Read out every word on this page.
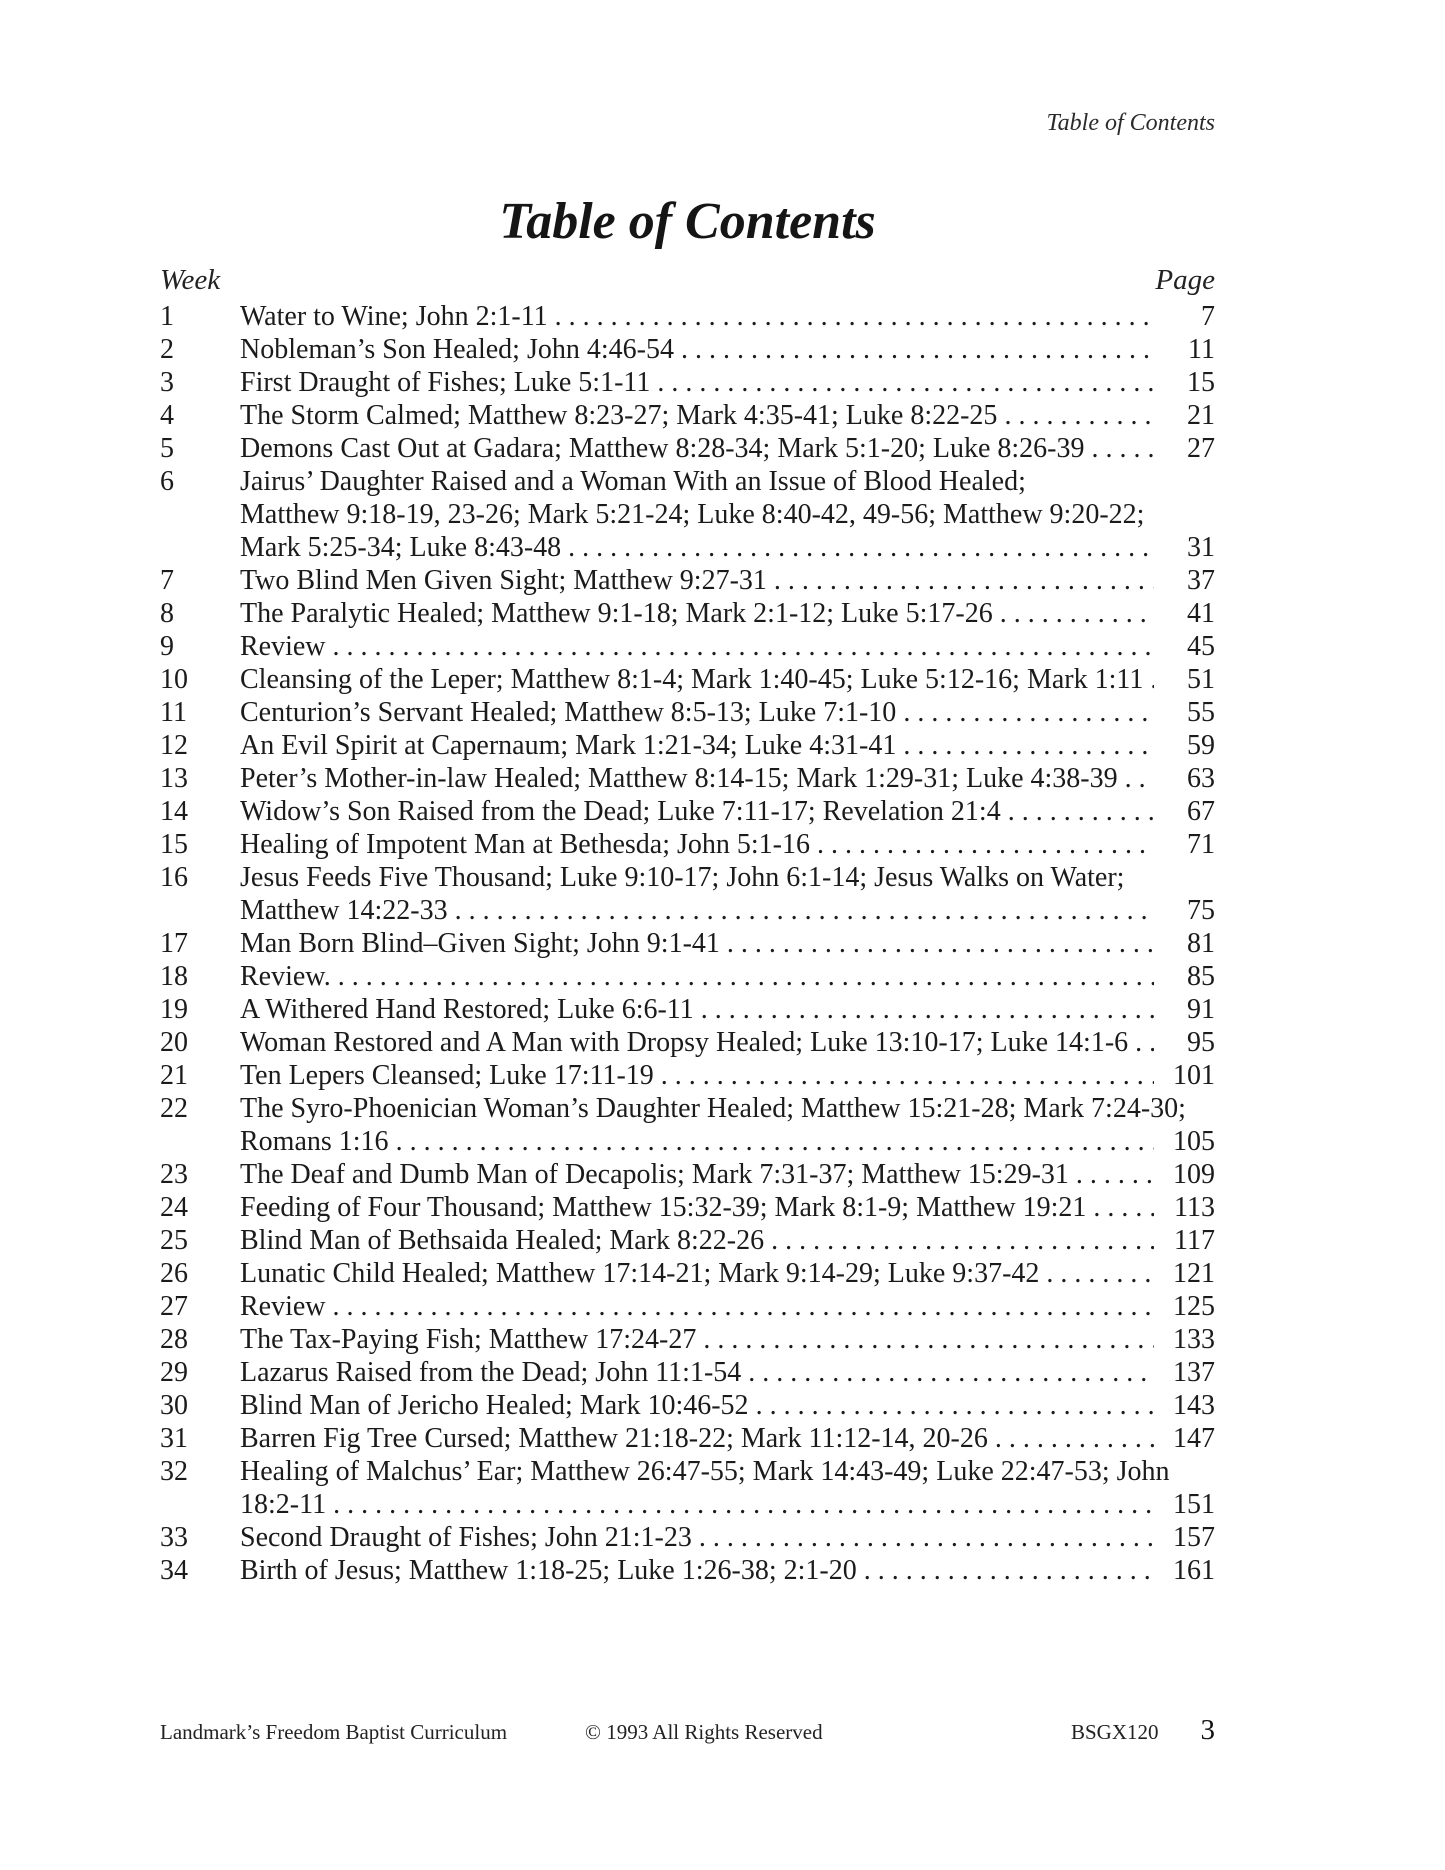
Table of Contents
Table of Contents
Week	Page
1	Water to Wine; John 2:1-11 . . .	7
2	Nobleman’s Son Healed; John 4:46-54 . . .	11
3	First Draught of Fishes; Luke 5:1-11 . . .	15
4	The Storm Calmed; Matthew 8:23-27; Mark 4:35-41; Luke 8:22-25 . . .	21
5	Demons Cast Out at Gadara; Matthew 8:28-34; Mark 5:1-20; Luke 8:26-39 . . .	27
6	Jairus’ Daughter Raised and a Woman With an Issue of Blood Healed;
Matthew 9:18-19, 23-26; Mark 5:21-24; Luke 8:40-42, 49-56; Matthew 9:20-22;
Mark 5:25-34; Luke 8:43-48 . . .	31
7	Two Blind Men Given Sight; Matthew 9:27-31 . . .	37
8	The Paralytic Healed; Matthew 9:1-18; Mark 2:1-12; Luke 5:17-26 . . .	41
9	Review . . .	45
10	Cleansing of the Leper; Matthew 8:1-4; Mark 1:40-45; Luke 5:12-16; Mark 1:11 . . .	51
11	Centurion’s Servant Healed; Matthew 8:5-13; Luke 7:1-10 . . .	55
12	An Evil Spirit at Capernaum; Mark 1:21-34; Luke 4:31-41 . . .	59
13	Peter’s Mother-in-law Healed; Matthew 8:14-15; Mark 1:29-31; Luke 4:38-39 . . .	63
14	Widow’s Son Raised from the Dead; Luke 7:11-17; Revelation 21:4 . . .	67
15	Healing of Impotent Man at Bethesda; John 5:1-16 . . .	71
16	Jesus Feeds Five Thousand; Luke 9:10-17; John 6:1-14; Jesus Walks on Water;
Matthew 14:22-33 . . .	75
17	Man Born Blind–Given Sight; John 9:1-41 . . .	81
18	Review. . . .	85
19	A Withered Hand Restored; Luke 6:6-11 . . .	91
20	Woman Restored and A Man with Dropsy Healed; Luke 13:10-17; Luke 14:1-6 . . .	95
21	Ten Lepers Cleansed; Luke 17:11-19 . . .	101
22	The Syro-Phoenician Woman’s Daughter Healed; Matthew 15:21-28; Mark 7:24-30;
Romans 1:16 . . .	105
23	The Deaf and Dumb Man of Decapolis; Mark 7:31-37; Matthew 15:29-31 . . .	109
24	Feeding of Four Thousand; Matthew 15:32-39; Mark 8:1-9; Matthew 19:21 . . .	113
25	Blind Man of Bethsaida Healed; Mark 8:22-26 . . .	117
26	Lunatic Child Healed; Matthew 17:14-21; Mark 9:14-29; Luke 9:37-42 . . .	121
27	Review . . .	125
28	The Tax-Paying Fish; Matthew 17:24-27 . . .	133
29	Lazarus Raised from the Dead; John 11:1-54 . . .	137
30	Blind Man of Jericho Healed; Mark 10:46-52 . . .	143
31	Barren Fig Tree Cursed; Matthew 21:18-22; Mark 11:12-14, 20-26 . . .	147
32	Healing of Malchus’ Ear; Matthew 26:47-55; Mark 14:43-49; Luke 22:47-53; John
18:2-11 . . .	151
33	Second Draught of Fishes; John 21:1-23 . . .	157
34	Birth of Jesus; Matthew 1:18-25; Luke 1:26-38; 2:1-20 . . .	161
Landmark’s Freedom Baptist Curriculum	© 1993 All Rights Reserved	BSGX120 3
